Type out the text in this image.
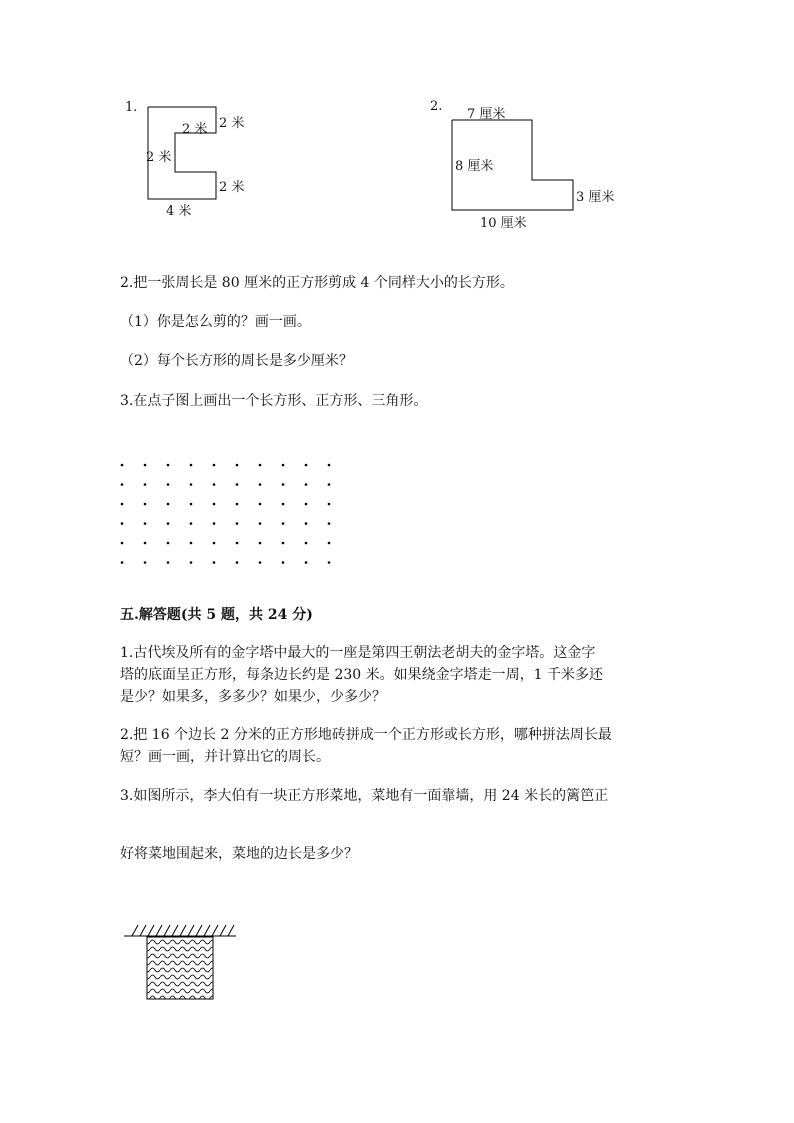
1.
2 米
2 米
2 米
2 米
4 米
2.
7 厘米
8 厘米
3 厘米
10 厘米
2.把一张周长是 80 厘米的正方形剪成 4 个同样大小的长方形。
（1）你是怎么剪的？画一画。
（2）每个长方形的周长是多少厘米？
3.在点子图上画出一个长方形、正方形、三角形。
五.解答题(共 5 题，共 24 分)
1.古代埃及所有的金字塔中最大的一座是第四王朝法老胡夫的金字塔。这金字
塔的底面呈正方形，每条边长约是 230 米。如果绕金字塔走一周，1 千米多还
是少？如果多，多多少？如果少，少多少？
2.把 16 个边长 2 分米的正方形地砖拼成一个正方形或长方形，哪种拼法周长最
短？画一画，并计算出它的周长。
3.如图所示，李大伯有一块正方形菜地，菜地有一面靠墙，用 24 米长的篱笆正
好将菜地围起来，菜地的边长是多少？
